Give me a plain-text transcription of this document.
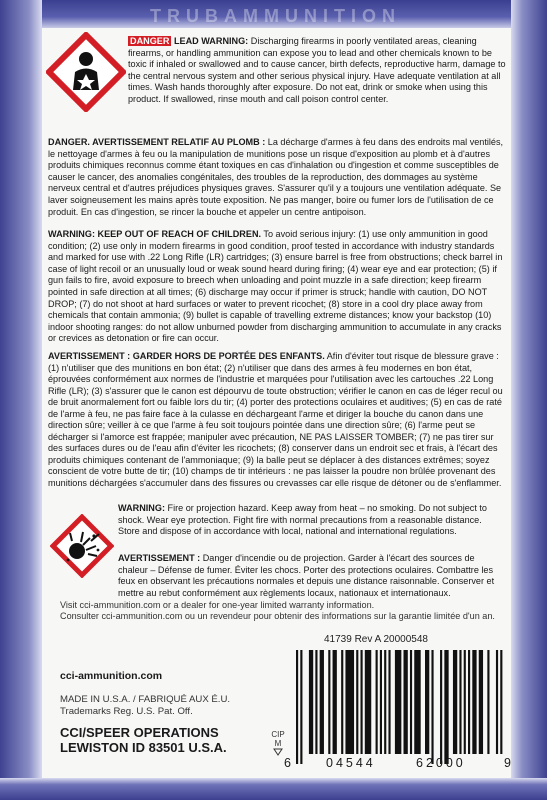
TRUBAMMUNITION
DANGER LEAD WARNING: Discharging firearms in poorly ventilated areas, cleaning firearms, or handling ammunition can expose you to lead and other chemicals known to be toxic if inhaled or swallowed and to cause cancer, birth defects, reproductive harm, damage to the central nervous system and other serious physical injury. Have adequate ventilation at all times. Wash hands thoroughly after exposure. Do not eat, drink or smoke when using this product. If swallowed, rinse mouth and call poison control center.
DANGER. AVERTISSEMENT RELATIF AU PLOMB : La décharge d'armes à feu dans des endroits mal ventilés, le nettoyage d'armes à feu ou la manipulation de munitions pose un risque d'exposition au plomb et à d'autres produits chimiques reconnus comme étant toxiques en cas d'inhalation ou d'ingestion et comme susceptibles de causer le cancer, des anomalies congénitales, des troubles de la reproduction, des dommages au système nerveux central et d'autres préjudices physiques graves. S'assurer qu'il y a toujours une ventilation adéquate. Se laver soigneusement les mains après toute exposition. Ne pas manger, boire ou fumer lors de l'utilisation de ce produit. En cas d'ingestion, se rincer la bouche et appeler un centre antipoison.
WARNING: KEEP OUT OF REACH OF CHILDREN. To avoid serious injury: (1) use only ammunition in good condition; (2) use only in modern firearms in good condition, proof tested in accordance with industry standards and marked for use with .22 Long Rifle (LR) cartridges; (3) ensure barrel is free from obstructions; check barrel in case of light recoil or an unusually loud or weak sound heard during firing; (4) wear eye and ear protection; (5) if gun fails to fire, avoid exposure to breech when unloading and point muzzle in a safe direction; keep firearm pointed in safe direction at all times; (6) discharge may occur if primer is struck; handle with caution, DO NOT DROP; (7) do not shoot at hard surfaces or water to prevent ricochet; (8) store in a cool dry place away from chemicals that contain ammonia; (9) bullet is capable of travelling extreme distances; know your backstop (10) indoor shooting ranges: do not allow unburned powder from discharging ammunition to accumulate in any cracks or crevices as detonation or fire can occur.
AVERTISSEMENT : GARDER HORS DE PORTÉE DES ENFANTS. Afin d'éviter tout risque de blessure grave : (1) n'utiliser que des munitions en bon état; (2) n'utiliser que dans des armes à feu modernes en bon état, éprouvées conformément aux normes de l'industrie et marquées pour l'utilisation avec les cartouches .22 Long Rifle (LR); (3) s'assurer que le canon est dépourvu de toute obstruction; vérifier le canon en cas de léger recul ou de bruit anormalement fort ou faible lors du tir; (4) porter des protections oculaires et auditives; (5) en cas de raté de l'arme à feu, ne pas faire face à la culasse en déchargeant l'arme et diriger la bouche du canon dans une direction sûre; veiller à ce que l'arme à feu soit toujours pointée dans une direction sûre; (6) l'arme peut se décharger si l'amorce est frappée; manipuler avec précaution, NE PAS LAISSER TOMBER; (7) ne pas tirer sur des surfaces dures ou de l'eau afin d'éviter les ricochets; (8) conserver dans un endroit sec et frais, à l'écart des produits chimiques contenant de l'ammoniaque; (9) la balle peut se déplacer à des distances extrêmes; soyez conscient de votre butte de tir; (10) champs de tir intérieurs : ne pas laisser la poudre non brûlée provenant des munitions déchargées s'accumuler dans des fissures ou crevasses car elle risque de détoner ou de s'enflammer.
WARNING: Fire or projection hazard. Keep away from heat – no smoking. Do not subject to shock. Wear eye protection. Fight fire with normal precautions from a reasonable distance. Store and dispose of in accordance with local, national and international regulations.
AVERTISSEMENT : Danger d'incendie ou de projection. Garder à l'écart des sources de chaleur – Défense de fumer. Éviter les chocs. Porter des protections oculaires. Combattre les feux en observant les précautions normales et depuis une distance raisonnable. Conserver et mettre au rebut conformément aux règlements locaux, nationaux et internationaux.
Visit cci-ammunition.com or a dealer for one-year limited warranty information.
Consulter cci-ammunition.com ou un revendeur pour obtenir des informations sur la garantie limitée d'un an.
41739 Rev A 20000548
6	04544	62000	9
cci-ammunition.com
MADE IN U.S.A. / FABRIQUÉ AUX É.U.
Trademarks Reg. U.S. Pat. Off.
CCI/SPEER OPERATIONS
LEWISTON ID 83501 U.S.A.
CIP
M
